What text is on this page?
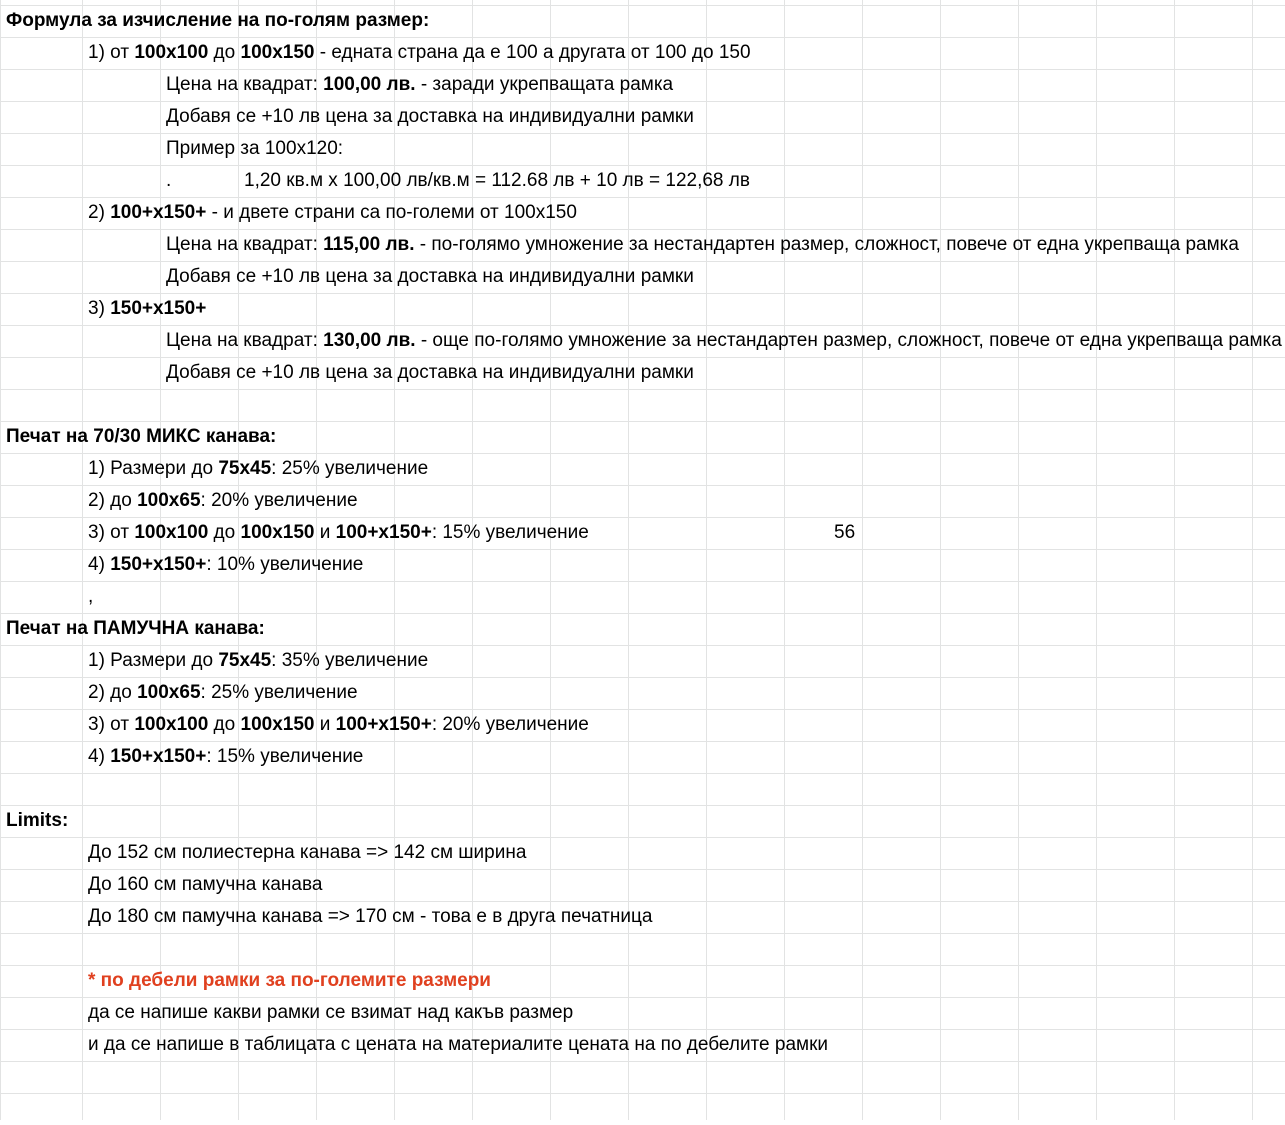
Формула за изчисление на по-голям размер:
1) от 100x100 до 100x150 - едната страна да е 100 а другата от 100 до 150
Цена на квадрат: 100,00 лв. - заради укрепващата рамка
Добавя се +10 лв цена за доставка на индивидуални рамки
Пример за 100x120:
.	1,20 кв.м x 100,00 лв/кв.м = 112.68 лв + 10 лв = 122,68 лв
2) 100+x150+ - и двете страни са по-големи от 100x150
Цена на квадрат: 115,00 лв. - по-голямо умножение за нестандартен размер, сложност, повече от една укрепваща рамка
Добавя се +10 лв цена за доставка на индивидуални рамки
3) 150+x150+
Цена на квадрат: 130,00 лв. - още по-голямо умножение за нестандартен размер, сложност, повече от една укрепваща рамка
Добавя се +10 лв цена за доставка на индивидуални рамки
Печат на 70/30 МИКС канава:
1) Размери до 75x45: 25% увеличение
2) до 100x65: 20% увеличение
3) от 100x100 до 100x150 и 100+x150+: 15% увеличение	56
4) 150+x150+: 10% увеличение
,
Печат на ПАМУЧНА канава:
1) Размери до 75x45: 35% увеличение
2) до 100x65: 25% увеличение
3) от 100x100 до 100x150 и 100+x150+: 20% увеличение
4) 150+x150+: 15% увеличение
Limits:
До 152 см полиестерна канава => 142 см ширина
До 160 см памучна канава
До 180 см памучна канава => 170 см - това е в друга печатница
* по дебели рамки за по-големите размери
да се напише какви рамки се взимат над какъв размер
и да се напише в таблицата с цената на материалите цената на по дебелите рамки
